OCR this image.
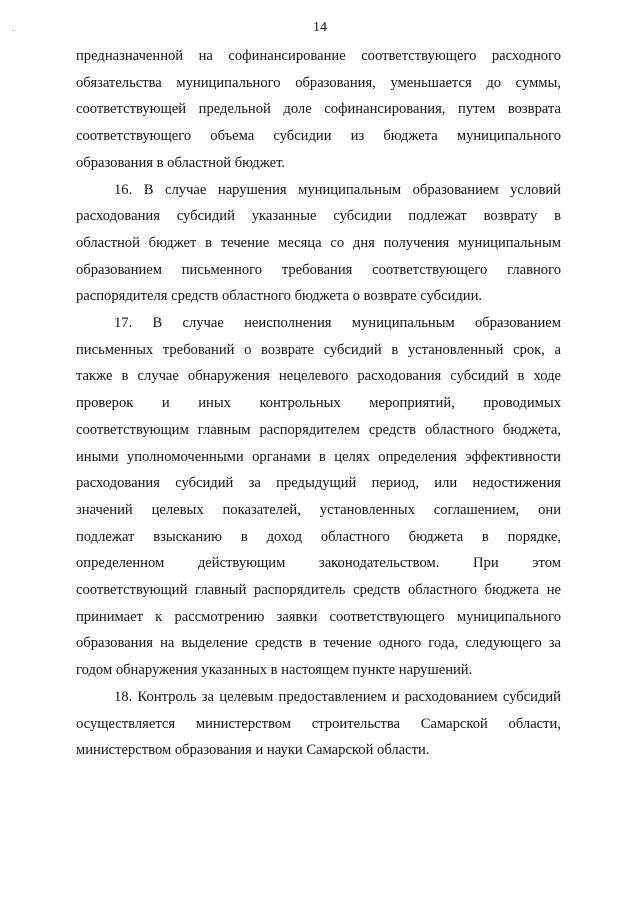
14
предназначенной на софинансирование соответствующего расходного
обязательства муниципального образования, уменьшается до суммы,
соответствующей предельной доле софинансирования, путем возврата
соответствующего объема субсидии из бюджета муниципального
образования в областной бюджет.
16. В случае нарушения муниципальным образованием условий
расходования субсидий указанные субсидии подлежат возврату в
областной бюджет в течение месяца со дня получения муниципальным
образованием письменного требования соответствующего главного
распорядителя средств областного бюджета о возврате субсидии.
17. В случае неисполнения муниципальным образованием
письменных требований о возврате субсидий в установленный срок, а
также в случае обнаружения нецелевого расходования субсидий в ходе
проверок и иных контрольных мероприятий, проводимых
соответствующим главным распорядителем средств областного бюджета,
иными уполномоченными органами в целях определения эффективности
расходования субсидий за предыдущий период, или недостижения
значений целевых показателей, установленных соглашением, они
подлежат взысканию в доход областного бюджета в порядке,
определенном действующим законодательством. При этом
соответствующий главный распорядитель средств областного бюджета не
принимает к рассмотрению заявки соответствующего муниципального
образования на выделение средств в течение одного года, следующего за
годом обнаружения указанных в настоящем пункте нарушений.
18. Контроль за целевым предоставлением и расходованием субсидий
осуществляется министерством строительства Самарской области,
министерством образования и науки Самарской области.
